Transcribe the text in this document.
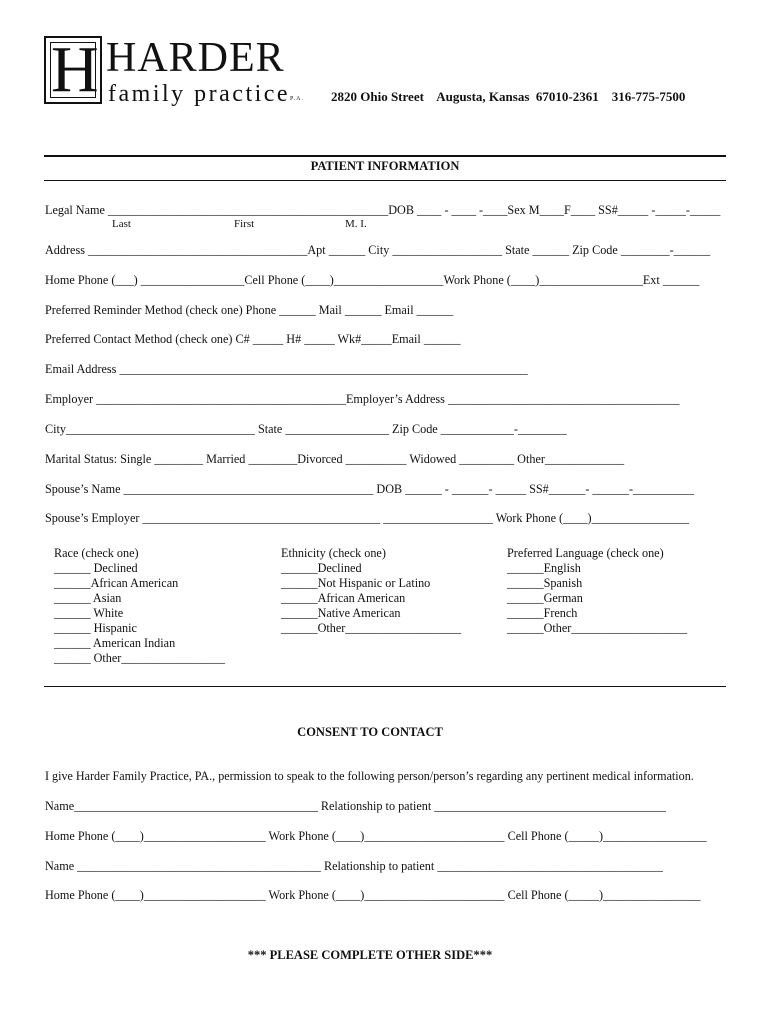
H HARDER
family practice P.A. 2820 Ohio Street    Augusta, Kansas  67010-2361    316-775-7500
PATIENT INFORMATION
Legal Name ______________________________________________DOB ____ - ____ -____Sex M____F____ SS#_____ -_____-_____
Last	First	M. I.
Address ____________________________________Apt ______ City __________________ State ______ Zip Code ________-______
Home Phone (___) _________________Cell Phone (____)__________________Work Phone (____)_________________Ext ______
Preferred Reminder Method (check one) Phone ______ Mail ______ Email ______
Preferred Contact Method (check one) C# _____ H# _____ Wk#_____Email ______
Email Address ___________________________________________________________________
Employer _________________________________________Employer’s Address ______________________________________
City_______________________________ State _________________ Zip Code ____________-________
Marital Status: Single ________ Married ________Divorced __________ Widowed _________ Other_____________
Spouse’s Name _________________________________________ DOB ______ - ______- _____ SS#______- ______-__________
Spouse’s Employer _______________________________________ __________________ Work Phone (____)________________
Race (check one)
______ Declined
______African American
______ Asian
______ White
______ Hispanic
______ American Indian
______ Other_________________
Ethnicity (check one)
______Declined
______Not Hispanic or Latino
______African American
______Native American
______Other___________________
Preferred Language (check one)
______English
______Spanish
______German
______French
______Other___________________
CONSENT TO CONTACT
I give Harder Family Practice, PA., permission to speak to the following person/person’s regarding any pertinent medical information.
Name________________________________________ Relationship to patient ______________________________________
Home Phone (____)____________________ Work Phone (____)_______________________ Cell Phone (_____)_________________
Name ________________________________________ Relationship to patient _____________________________________
Home Phone (____)____________________ Work Phone (____)_______________________ Cell Phone (_____)________________
*** PLEASE COMPLETE OTHER SIDE***
